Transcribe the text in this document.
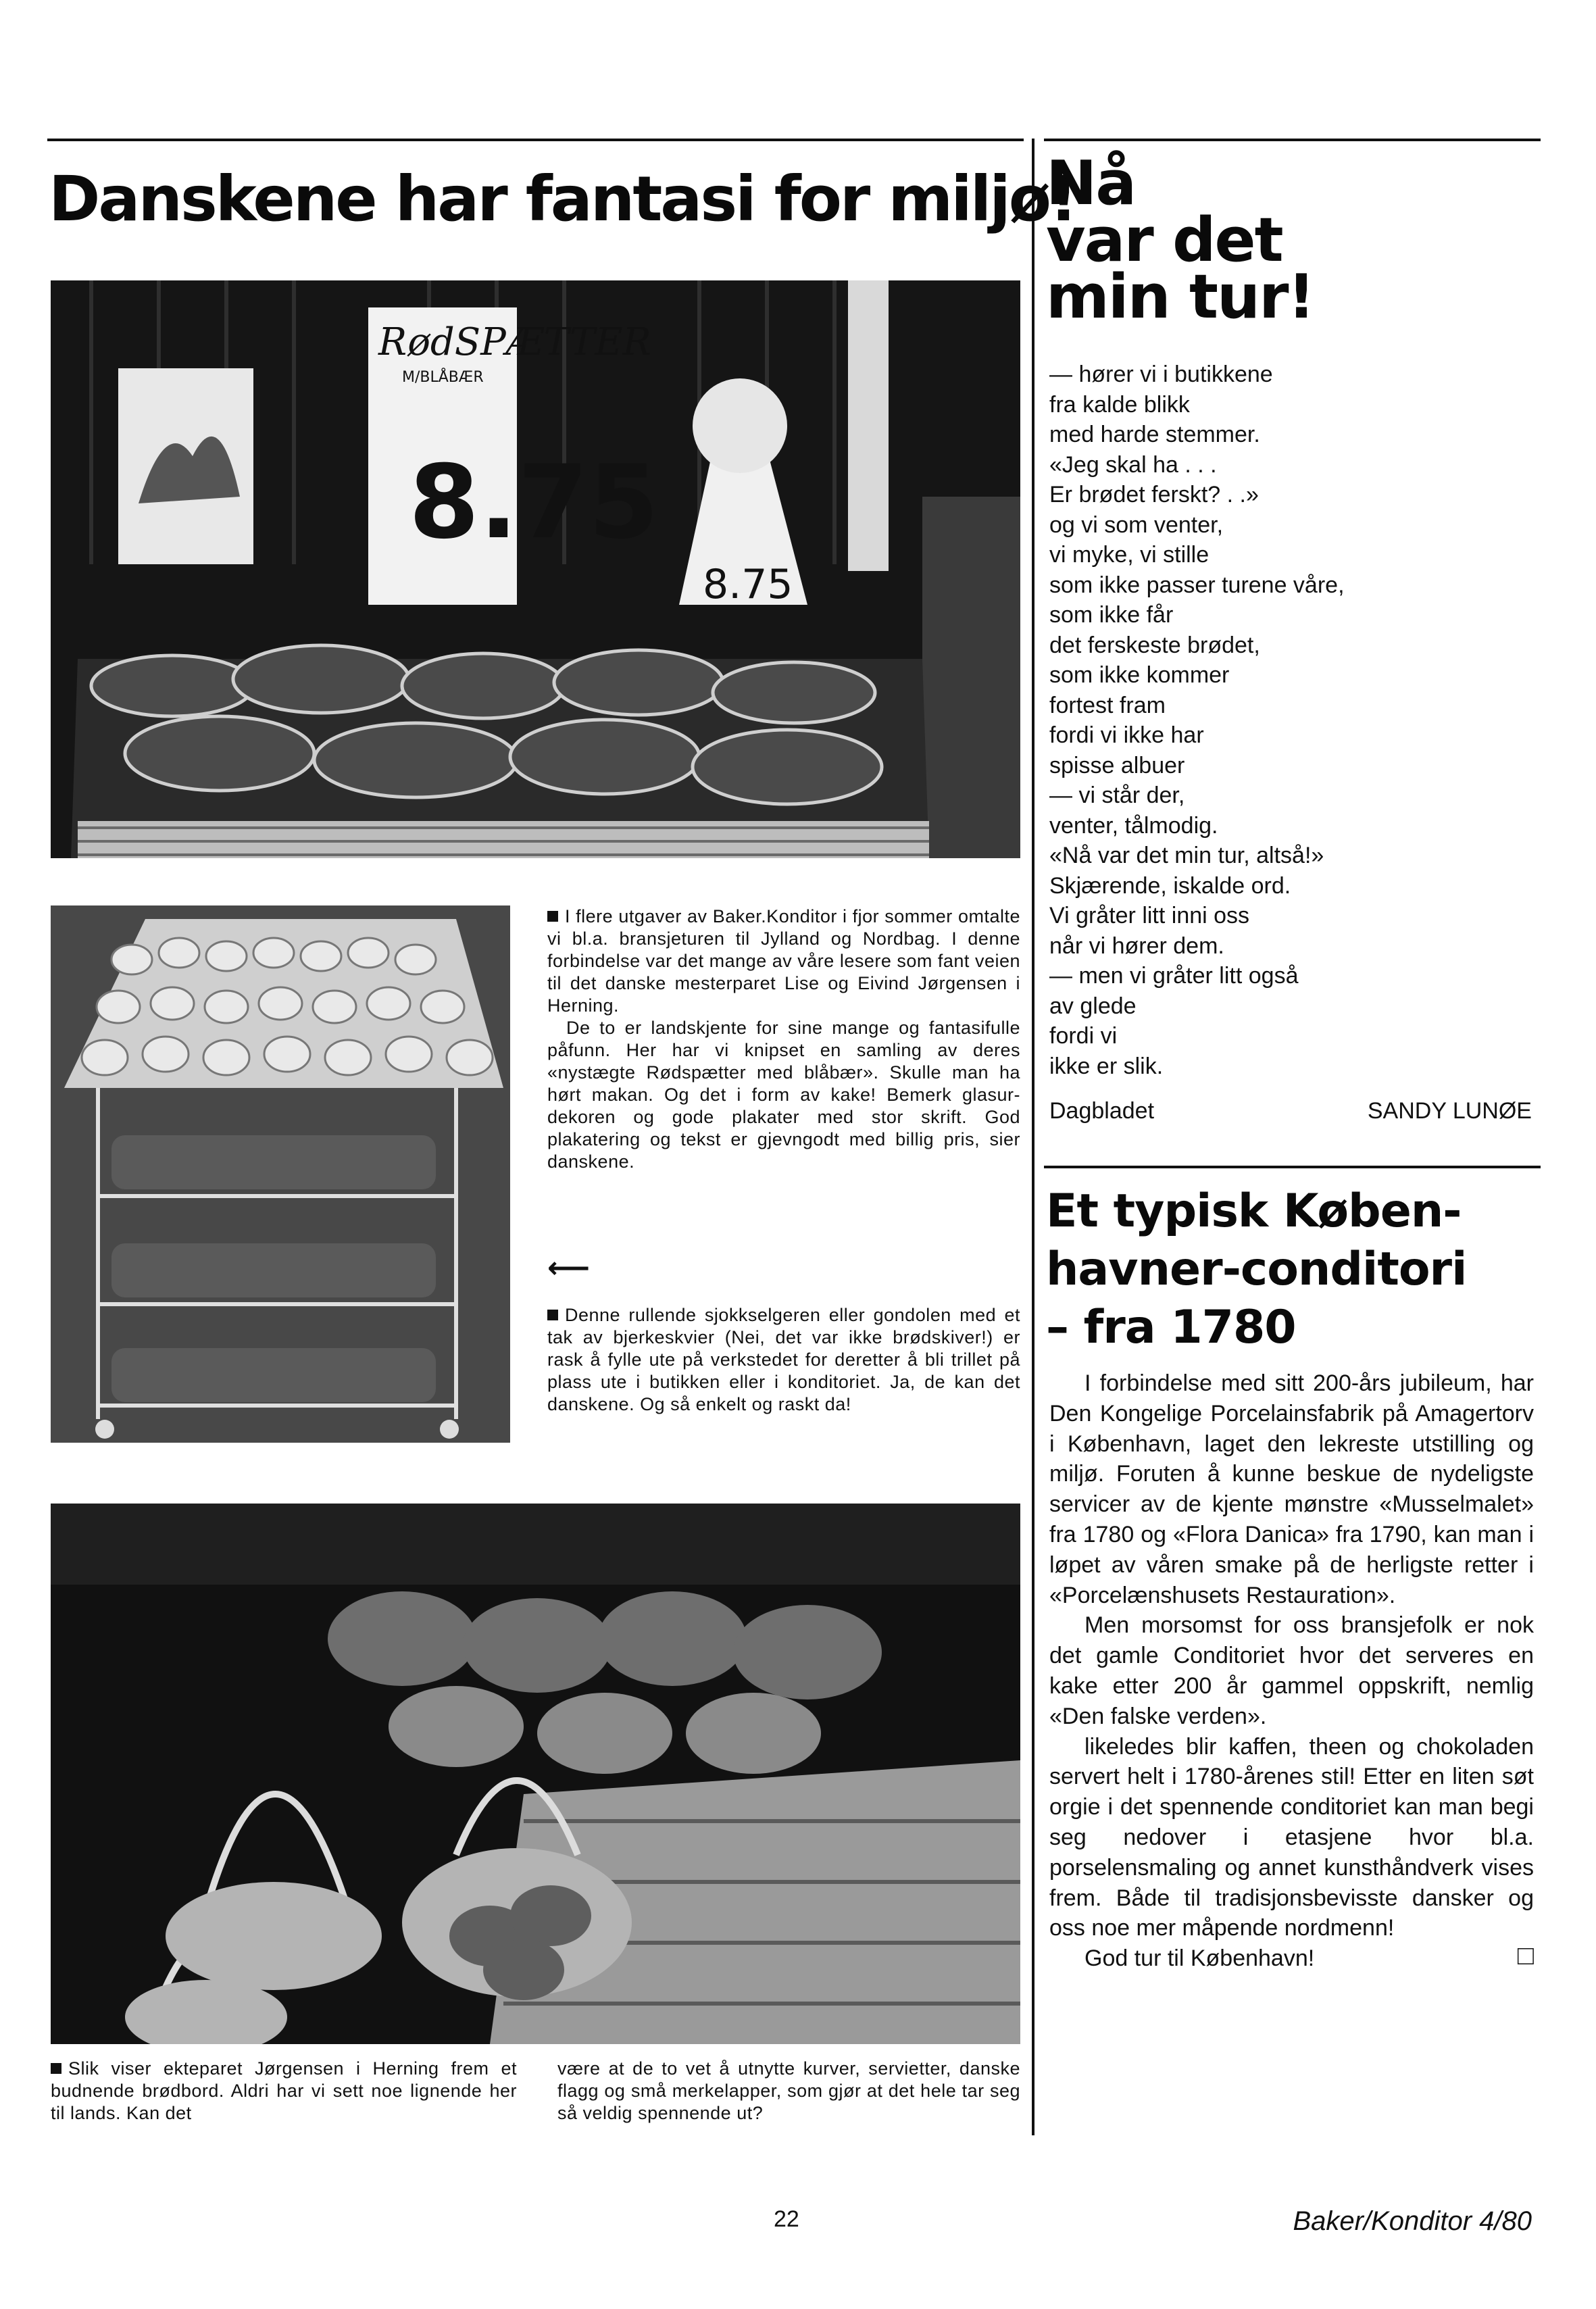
Danskene har fantasi for miljø!
RødSPÆTTER
M/BLÅBÆR
8.75
8.75

I flere utgaver av Baker.Konditor i fjor sommer omtalte vi bl.a. bransjeturen til Jylland og Nordbag. I denne forbindelse var det mange av våre lesere som fant veien til det danske mesterparet Lise og Eivind Jørgensen i Herning.

De to er landskjente for sine mange og fantasifulle påfunn. Her har vi knipset en samling av deres «nystægte Rødspætter med blåbær». Skulle man ha hørt makan. Og det i form av kake! Bemerk glasur-dekoren og gode plakater med stor skrift. God plakatering og tekst er gjevngodt med billig pris, sier danskene.

⟵

Denne rullende sjokkselgeren eller gondolen med et tak av bjerkeskvier (Nei, det var ikke brødskiver!) er rask å fylle ute på verkstedet for deretter å bli trillet på plass ute i butikken eller i konditoriet. Ja, de kan det danskene. Og så enkelt og raskt da!

Slik viser ekteparet Jørgensen i Herning frem et budnende brødbord. Aldri har vi sett noe lignende her til lands. Kan det

være at de to vet å utnytte kurver, servietter, danske flagg og små merkelapper, som gjør at det hele tar seg så veldig spennende ut?

Nå
var det
min tur!
— hører vi i butikkene
fra kalde blikk
med harde stemmer.
«Jeg skal ha . . .
Er brødet ferskt? . .»
og vi som venter,
vi myke, vi stille
som ikke passer turene våre,
som ikke får
det ferskeste brødet,
som ikke kommer
fortest fram
fordi vi ikke har
spisse albuer
— vi står der,
venter, tålmodig.
«Nå var det min tur, altså!»
Skjærende, iskalde ord.
Vi gråter litt inni oss
når vi hører dem.
— men vi gråter litt også
av glede
fordi vi
ikke er slik.
Dagbladet	SANDY LUNØE
Et typisk Køben-
havner-conditori
– fra 1780

I forbindelse med sitt 200-års jubileum, har Den Kongelige Porcelainsfabrik på Amagertorv i København, laget den lekreste utstilling og miljø. Foruten å kunne beskue de nydeligste servicer av de kjente mønstre «Musselmalet» fra 1780 og «Flora Danica» fra 1790, kan man i løpet av våren smake på de herligste retter i «Porcelænshusets Restauration».

Men morsomst for oss bransjefolk er nok det gamle Conditoriet hvor det serveres en kake etter 200 år gammel oppskrift, nemlig «Den falske verden».

likeledes blir kaffen, theen og chokoladen servert helt i 1780-årenes stil! Etter en liten søt orgie i det spennende conditoriet kan man begi seg nedover i etasjene hvor bl.a. porselensmaling og annet kunsthåndverk vises frem. Både til tradisjonsbevisste dansker og oss noe mer måpende nordmenn!

God tur til København!	□

22	Baker/Konditor 4/80
